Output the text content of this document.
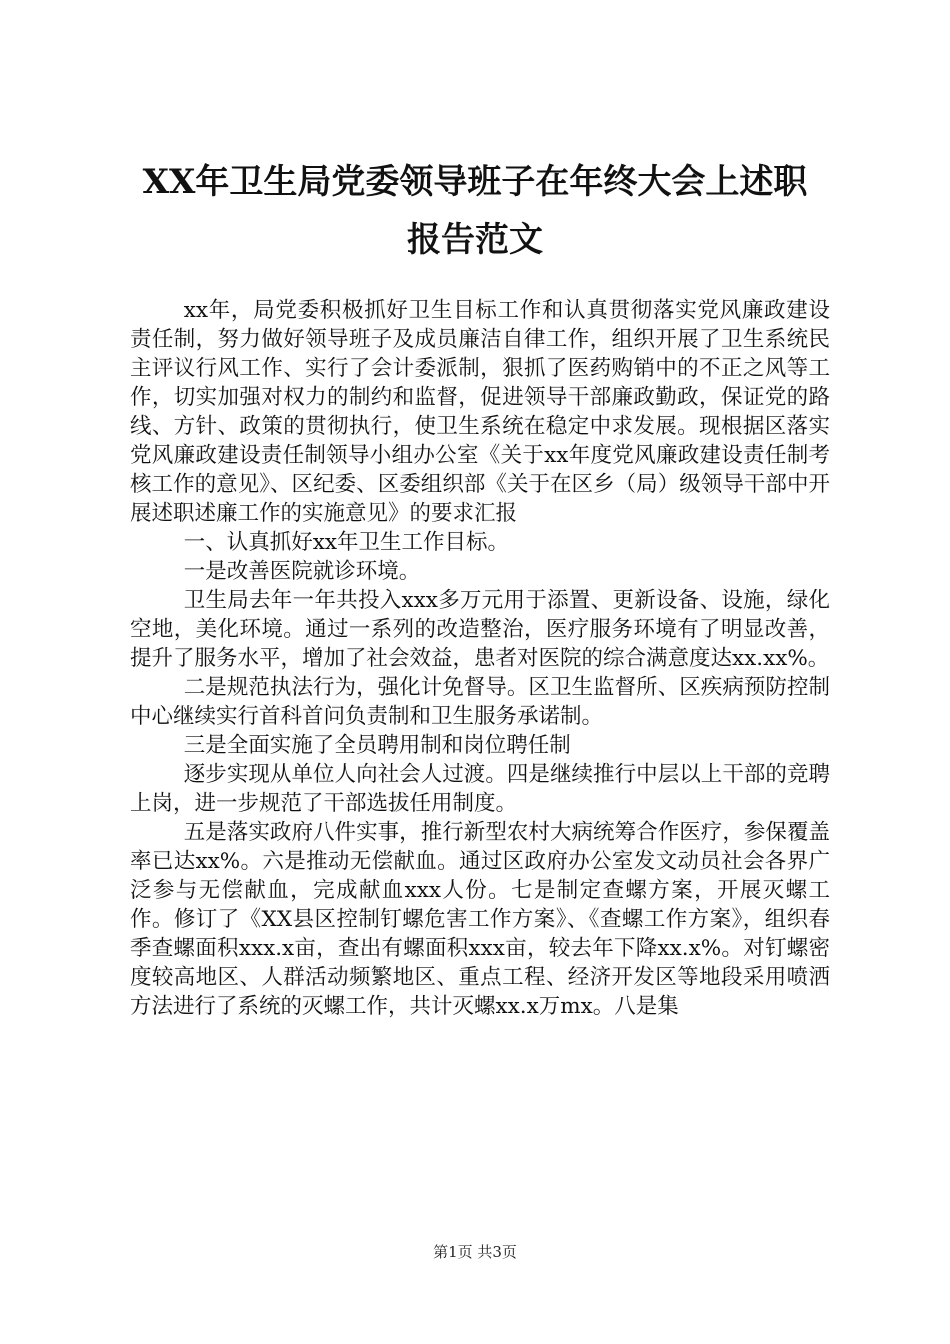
XX年卫生局党委领导班子在年终大会上述职
报告范文

xx年，局党委积极抓好卫生目标工作和认真贯彻落实党风廉政建设责任制，努力做好领导班子及成员廉洁自律工作，组织开展了卫生系统民主评议行风工作、实行了会计委派制，狠抓了医药购销中的不正之风等工作，切实加强对权力的制约和监督，促进领导干部廉政勤政，保证党的路线、方针、政策的贯彻执行，使卫生系统在稳定中求发展。现根据区落实党风廉政建设责任制领导小组办公室《关于xx年度党风廉政建设责任制考核工作的意见》、区纪委、区委组织部《关于在区乡（局）级领导干部中开展述职述廉工作的实施意见》的要求汇报

一、认真抓好xx年卫生工作目标。

一是改善医院就诊环境。

卫生局去年一年共投入xxx多万元用于添置、更新设备、设施，绿化空地，美化环境。通过一系列的改造整治，医疗服务环境有了明显改善，提升了服务水平，增加了社会效益，患者对医院的综合满意度达xx.xx%。

二是规范执法行为，强化计免督导。区卫生监督所、区疾病预防控制中心继续实行首科首问负责制和卫生服务承诺制。

三是全面实施了全员聘用制和岗位聘任制

逐步实现从单位人向社会人过渡。四是继续推行中层以上干部的竞聘上岗，进一步规范了干部选拔任用制度。

五是落实政府八件实事，推行新型农村大病统筹合作医疗，参保覆盖率已达xx%。六是推动无偿献血。通过区政府办公室发文动员社会各界广泛参与无偿献血，完成献血xxx人份。七是制定查螺方案，开展灭螺工作。修订了《XX县区控制钉螺危害工作方案》、《查螺工作方案》，组织春季查螺面积xxx.x亩，查出有螺面积xxx亩，较去年下降xx.x%。对钉螺密度较高地区、人群活动频繁地区、重点工程、经济开发区等地段采用喷洒方法进行了系统的灭螺工作，共计灭螺xx.x万mx。八是集

第1页 共3页
